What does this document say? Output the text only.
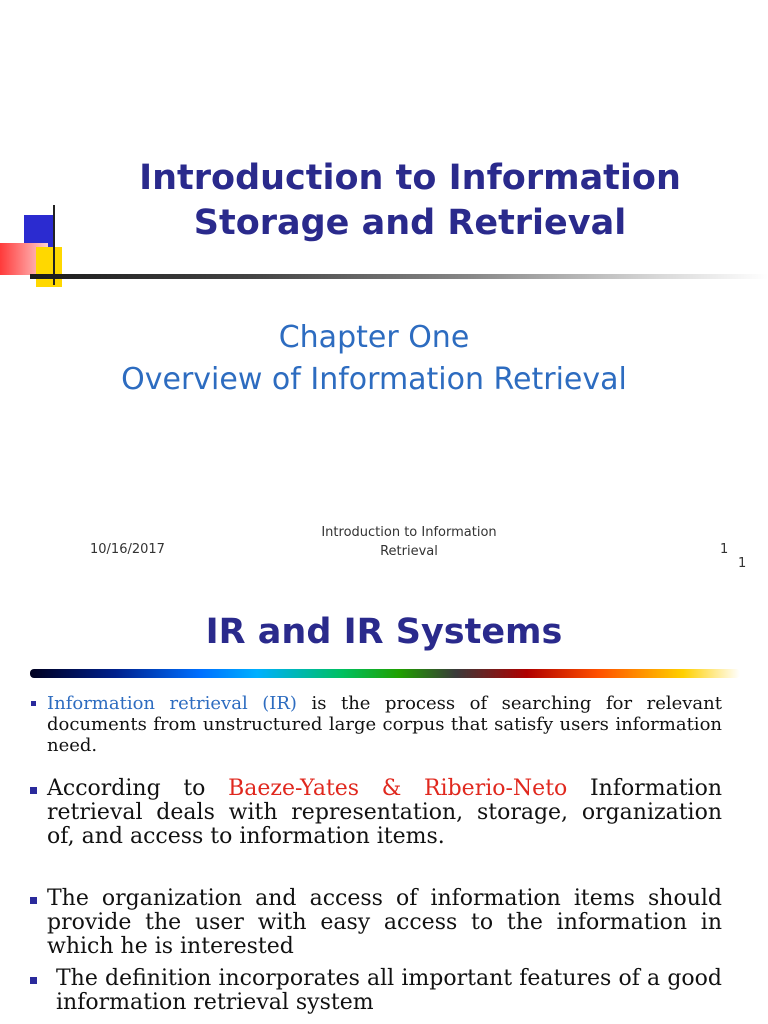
Introduction to Information
Storage and Retrieval
Chapter One
Overview of Information Retrieval
10/16/2017
Introduction to Information
Retrieval	1
1
IR and IR Systems
Information retrieval (IR) is the process of searching for relevant documents from unstructured large corpus that satisfy users information need.
According to Baeze-Yates & Riberio-Neto Information retrieval deals with representation, storage, organization of, and access to information items.
The organization and access of information items should provide the user with easy access to the information in which he is interested
The definition incorporates all important features of a good information retrieval system
